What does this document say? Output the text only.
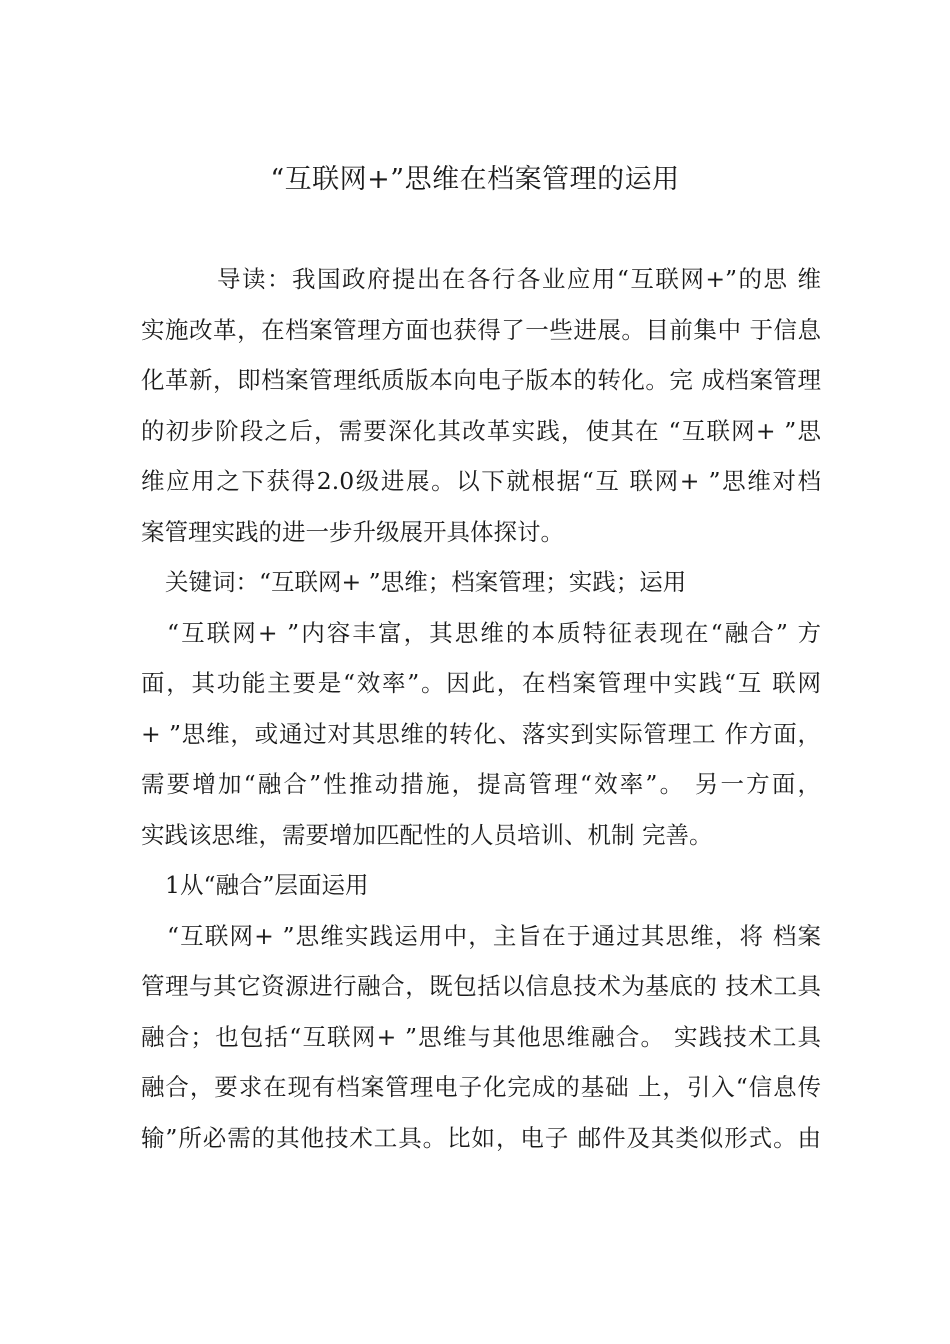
“互联网+”思维在档案管理的运用
导读：我国政府提出在各行各业应用“互联网+”的思 维
实施改革，在档案管理方面也获得了一些进展。目前集中 于信息
化革新，即档案管理纸质版本向电子版本的转化。完 成档案管理
的初步阶段之后，需要深化其改革实践，使其在 “互联网+ ”思
维应用之下获得2.0级进展。以下就根据“互 联网+ ”思维对档
案管理实践的进一步升级展开具体探讨。
关键词：“互联网+ ”思维；档案管理；实践；运用
“互联网+ ”内容丰富，其思维的本质特征表现在“融合” 方
面，其功能主要是“效率”。因此，在档案管理中实践“互 联网
+ ”思维，或通过对其思维的转化、落实到实际管理工 作方面，
需要增加“融合”性推动措施，提高管理“效率”。 另一方面，
实践该思维，需要增加匹配性的人员培训、机制 完善。
1从“融合”层面运用
“互联网+ ”思维实践运用中，主旨在于通过其思维，将 档案
管理与其它资源进行融合，既包括以信息技术为基底的 技术工具
融合；也包括“互联网+ ”思维与其他思维融合。 实践技术工具
融合，要求在现有档案管理电子化完成的基础 上，引入“信息传
输”所必需的其他技术工具。比如，电子 邮件及其类似形式。由
